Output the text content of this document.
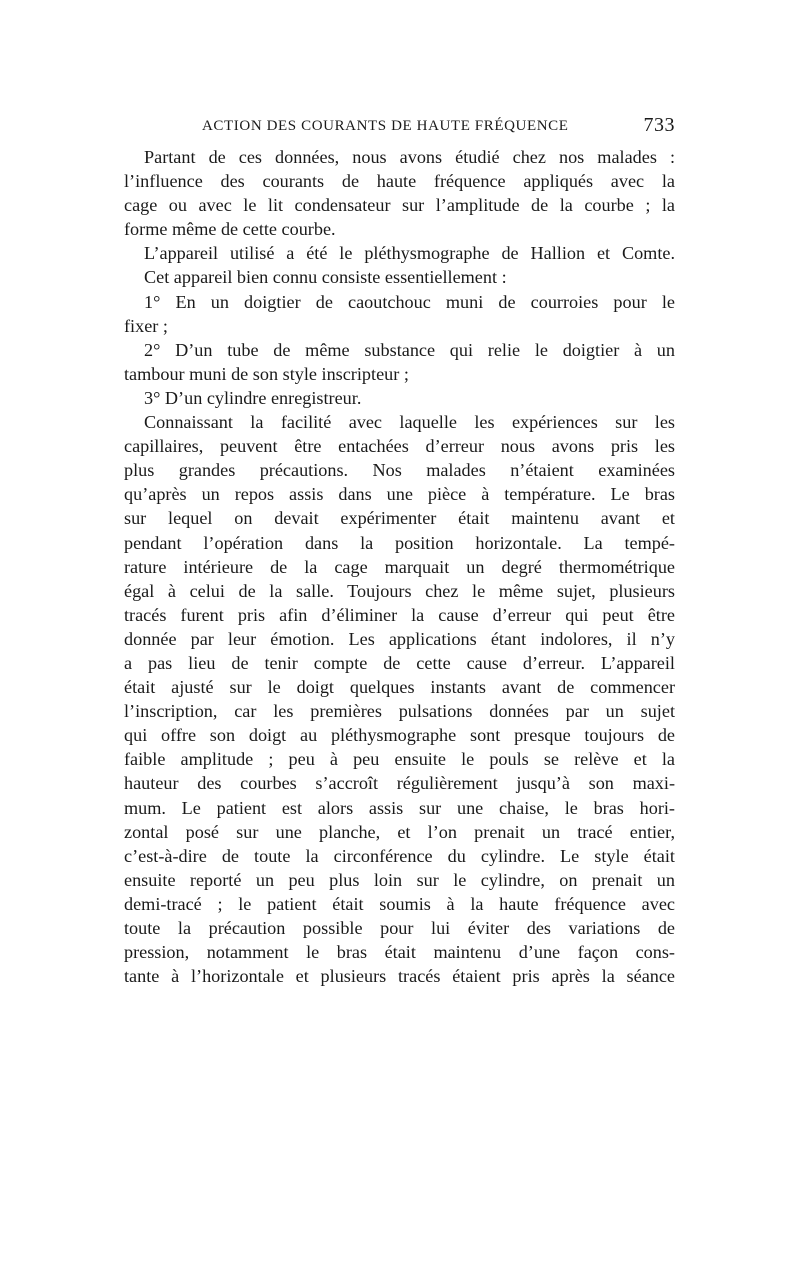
ACTION DES COURANTS DE HAUTE FRÉQUENCE	733
Partant de ces données, nous avons étudié chez nos malades :
l’influence des courants de haute fréquence appliqués avec la
cage ou avec le lit condensateur sur l’amplitude de la courbe ; la
forme même de cette courbe.
L’appareil utilisé a été le pléthysmographe de Hallion et Comte.
Cet appareil bien connu consiste essentiellement :
1° En un doigtier de caoutchouc muni de courroies pour le
fixer ;
2° D’un tube de même substance qui relie le doigtier à un
tambour muni de son style inscripteur ;
3° D’un cylindre enregistreur.
Connaissant la facilité avec laquelle les expériences sur les
capillaires, peuvent être entachées d’erreur nous avons pris les
plus grandes précautions. Nos malades n’étaient examinées
qu’après un repos assis dans une pièce à température. Le bras
sur lequel on devait expérimenter était maintenu avant et
pendant l’opération dans la position horizontale. La tempé-
rature intérieure de la cage marquait un degré thermométrique
égal à celui de la salle. Toujours chez le même sujet, plusieurs
tracés furent pris afin d’éliminer la cause d’erreur qui peut être
donnée par leur émotion. Les applications étant indolores, il n’y
a pas lieu de tenir compte de cette cause d’erreur. L’appareil
était ajusté sur le doigt quelques instants avant de commencer
l’inscription, car les premières pulsations données par un sujet
qui offre son doigt au pléthysmographe sont presque toujours de
faible amplitude ; peu à peu ensuite le pouls se relève et la
hauteur des courbes s’accroît régulièrement jusqu’à son maxi-
mum. Le patient est alors assis sur une chaise, le bras hori-
zontal posé sur une planche, et l’on prenait un tracé entier,
c’est-à-dire de toute la circonférence du cylindre. Le style était
ensuite reporté un peu plus loin sur le cylindre, on prenait un
demi-tracé ; le patient était soumis à la haute fréquence avec
toute la précaution possible pour lui éviter des variations de
pression, notamment le bras était maintenu d’une façon cons-
tante à l’horizontale et plusieurs tracés étaient pris après la séance
